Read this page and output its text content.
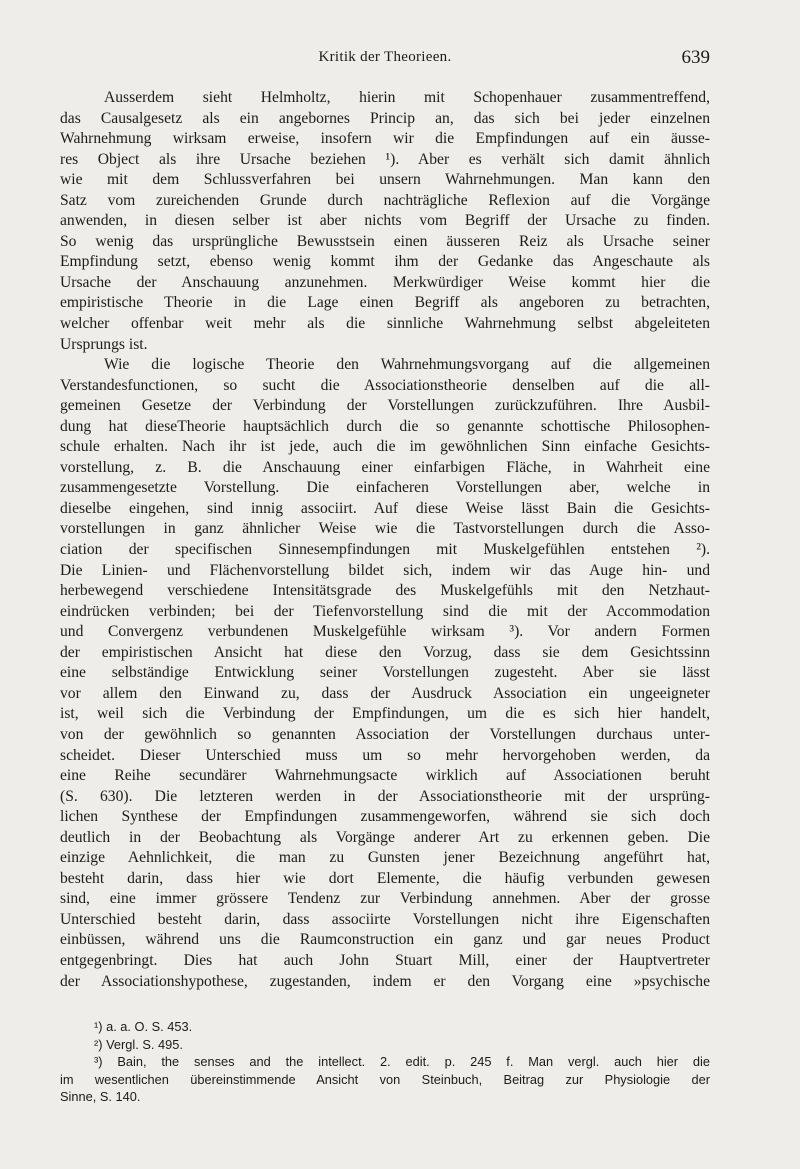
Kritik der Theorieen.	639
Ausserdem sieht Helmholtz, hierin mit Schopenhauer zusammentreffend,
das Causalgesetz als ein angebornes Princip an, das sich bei jeder einzelnen
Wahrnehmung wirksam erweise, insofern wir die Empfindungen auf ein äusse-
res Object als ihre Ursache beziehen ¹). Aber es verhält sich damit ähnlich
wie mit dem Schlussverfahren bei unsern Wahrnehmungen. Man kann den
Satz vom zureichenden Grunde durch nachträgliche Reflexion auf die Vorgänge
anwenden, in diesen selber ist aber nichts vom Begriff der Ursache zu finden.
So wenig das ursprüngliche Bewusstsein einen äusseren Reiz als Ursache seiner
Empfindung setzt, ebenso wenig kommt ihm der Gedanke das Angeschaute als
Ursache der Anschauung anzunehmen. Merkwürdiger Weise kommt hier die
empiristische Theorie in die Lage einen Begriff als angeboren zu betrachten,
welcher offenbar weit mehr als die sinnliche Wahrnehmung selbst abgeleiteten
Ursprungs ist.
Wie die logische Theorie den Wahrnehmungsvorgang auf die allgemeinen
Verstandesfunctionen, so sucht die Associationstheorie denselben auf die all-
gemeinen Gesetze der Verbindung der Vorstellungen zurückzuführen. Ihre Ausbil-
dung hat dieseTheorie hauptsächlich durch die so genannte schottische Philosophen-
schule erhalten. Nach ihr ist jede, auch die im gewöhnlichen Sinn einfache Gesichts-
vorstellung, z. B. die Anschauung einer einfarbigen Fläche, in Wahrheit eine
zusammengesetzte Vorstellung. Die einfacheren Vorstellungen aber, welche in
dieselbe eingehen, sind innig associirt. Auf diese Weise lässt Bain die Gesichts-
vorstellungen in ganz ähnlicher Weise wie die Tastvorstellungen durch die Asso-
ciation der specifischen Sinnesempfindungen mit Muskelgefühlen entstehen ²).
Die Linien- und Flächenvorstellung bildet sich, indem wir das Auge hin- und
herbewegend verschiedene Intensitätsgrade des Muskelgefühls mit den Netzhaut-
eindrücken verbinden; bei der Tiefenvorstellung sind die mit der Accommodation
und Convergenz verbundenen Muskelgefühle wirksam ³). Vor andern Formen
der empiristischen Ansicht hat diese den Vorzug, dass sie dem Gesichtssinn
eine selbständige Entwicklung seiner Vorstellungen zugesteht. Aber sie lässt
vor allem den Einwand zu, dass der Ausdruck Association ein ungeeigneter
ist, weil sich die Verbindung der Empfindungen, um die es sich hier handelt,
von der gewöhnlich so genannten Association der Vorstellungen durchaus unter-
scheidet. Dieser Unterschied muss um so mehr hervorgehoben werden, da
eine Reihe secundärer Wahrnehmungsacte wirklich auf Associationen beruht
(S. 630). Die letzteren werden in der Associationstheorie mit der ursprüng-
lichen Synthese der Empfindungen zusammengeworfen, während sie sich doch
deutlich in der Beobachtung als Vorgänge anderer Art zu erkennen geben. Die
einzige Aehnlichkeit, die man zu Gunsten jener Bezeichnung angeführt hat,
besteht darin, dass hier wie dort Elemente, die häufig verbunden gewesen
sind, eine immer grössere Tendenz zur Verbindung annehmen. Aber der grosse
Unterschied besteht darin, dass associirte Vorstellungen nicht ihre Eigenschaften
einbüssen, während uns die Raumconstruction ein ganz und gar neues Product
entgegenbringt. Dies hat auch John Stuart Mill, einer der Hauptvertreter
der Associationshypothese, zugestanden, indem er den Vorgang eine »psychische
¹) a. a. O. S. 453.
²) Vergl. S. 495.
³) Bain, the senses and the intellect. 2. edit. p. 245 f. Man vergl. auch hier die
im wesentlichen übereinstimmende Ansicht von Steinbuch, Beitrag zur Physiologie der
Sinne, S. 140.
